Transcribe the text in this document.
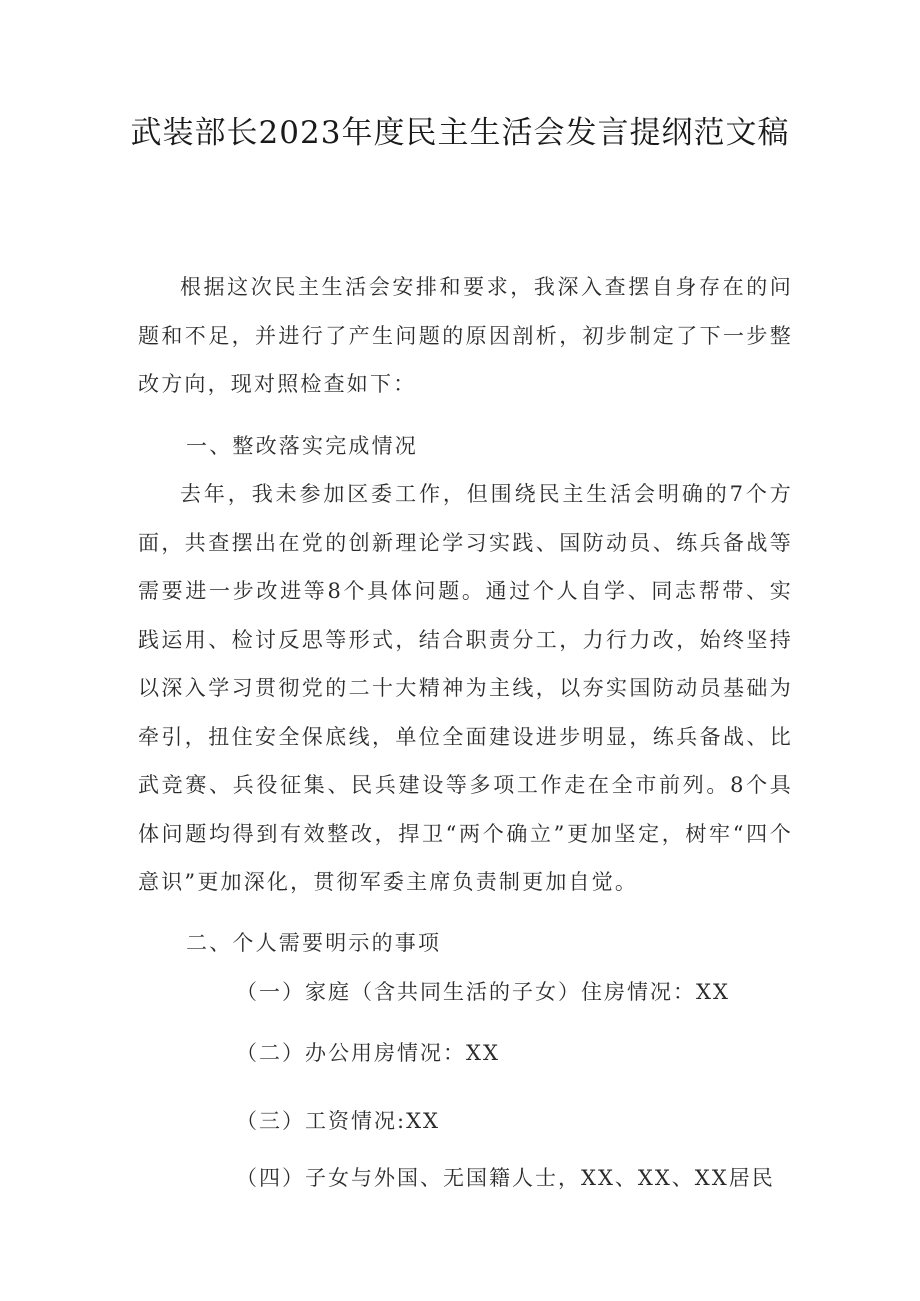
武装部长2023年度民主生活会发言提纲范文稿
根据这次民主生活会安排和要求，我深入查摆自身存在的问题和不足，并进行了产生问题的原因剖析，初步制定了下一步整改方向，现对照检查如下：
一、整改落实完成情况
去年，我未参加区委工作，但围绕民主生活会明确的7个方面，共查摆出在党的创新理论学习实践、国防动员、练兵备战等需要进一步改进等8个具体问题。通过个人自学、同志帮带、实践运用、检讨反思等形式，结合职责分工，力行力改，始终坚持以深入学习贯彻党的二十大精神为主线，以夯实国防动员基础为牵引，扭住安全保底线，单位全面建设进步明显，练兵备战、比武竞赛、兵役征集、民兵建设等多项工作走在全市前列。8个具体问题均得到有效整改，捍卫“两个确立”更加坚定，树牢“四个意识”更加深化，贯彻军委主席负责制更加自觉。
二、个人需要明示的事项
（一）家庭（含共同生活的子女）住房情况：XX
（二）办公用房情况：XX
（三）工资情况:XX
（四）子女与外国、无国籍人士，XX、XX、XX居民
